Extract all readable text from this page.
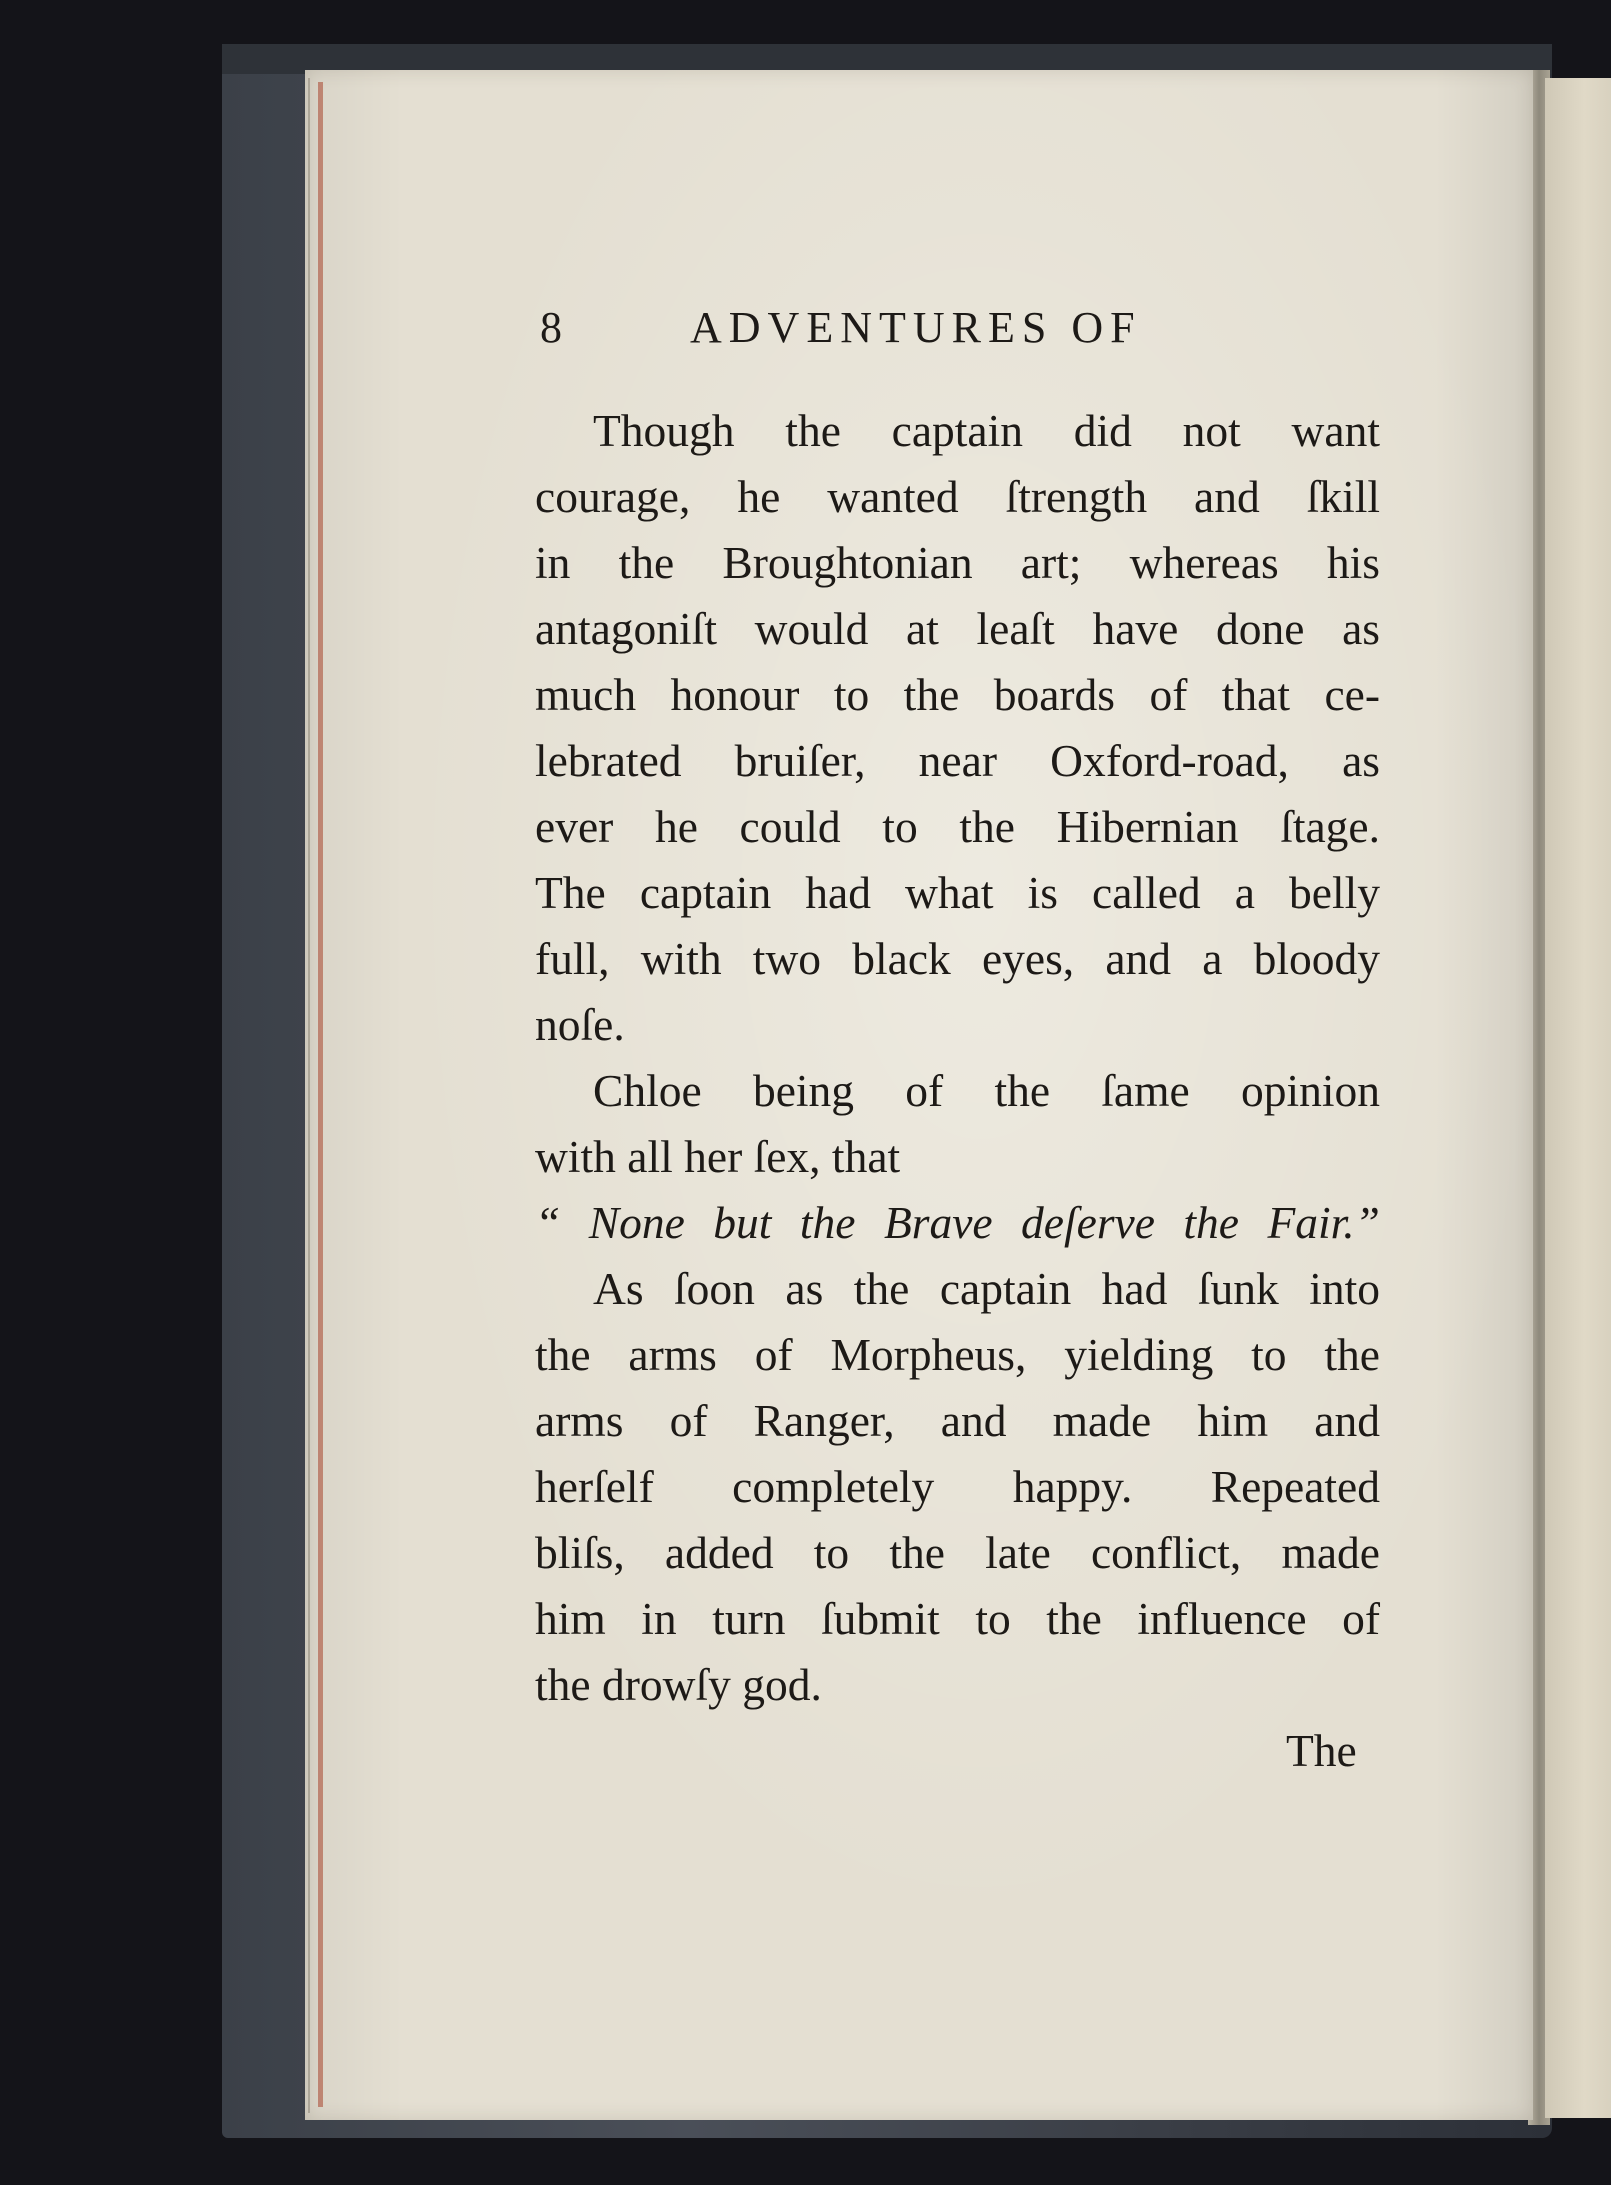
8	ADVENTURES OF
Though the captain did not want
courage, he wanted ſtrength and ſkill
in the Broughtonian art; whereas his
antagoniſt would at leaſt have done as
much honour to the boards of that ce-
lebrated bruiſer, near Oxford-road, as
ever he could to the Hibernian ſtage.
The captain had what is called a belly
full, with two black eyes, and a bloody
noſe.
Chloe being of the ſame opinion
with all her ſex, that
“ None but the Brave deſerve the Fair.”
As ſoon as the captain had ſunk into
the arms of Morpheus, yielding to the
arms of Ranger, and made him and
herſelf completely happy. Repeated
bliſs, added to the late conflict, made
him in turn ſubmit to the influence of
the drowſy god.
The
